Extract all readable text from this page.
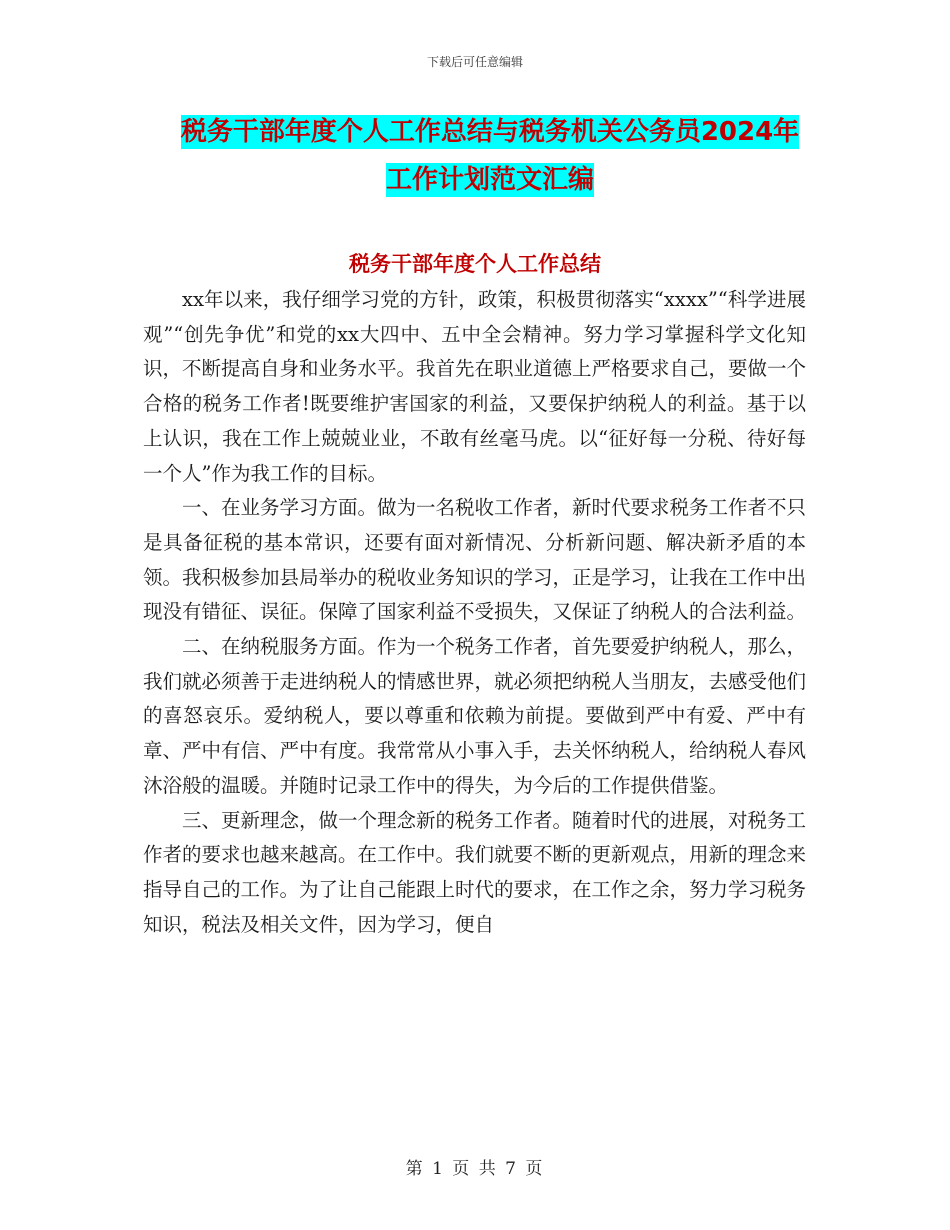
下载后可任意编辑
税务干部年度个人工作总结与税务机关公务员2024年
工作计划范文汇编
税务干部年度个人工作总结

xx年以来，我仔细学习党的方针，政策，积极贯彻落实“xxxx”“科学进展观”“创先争优”和党的xx大四中、五中全会精神。努力学习掌握科学文化知识，不断提高自身和业务水平。我首先在职业道德上严格要求自己，要做一个合格的税务工作者!既要维护害国家的利益，又要保护纳税人的利益。基于以上认识，我在工作上兢兢业业，不敢有丝毫马虎。以“征好每一分税、待好每一个人”作为我工作的目标。

一、在业务学习方面。做为一名税收工作者，新时代要求税务工作者不只是具备征税的基本常识，还要有面对新情况、分析新问题、解决新矛盾的本领。我积极参加县局举办的税收业务知识的学习，正是学习，让我在工作中出现没有错征、误征。保障了国家利益不受损失，又保证了纳税人的合法利益。

二、在纳税服务方面。作为一个税务工作者，首先要爱护纳税人，那么，我们就必须善于走进纳税人的情感世界，就必须把纳税人当朋友，去感受他们的喜怒哀乐。爱纳税人，要以尊重和依赖为前提。要做到严中有爱、严中有章、严中有信、严中有度。我常常从小事入手，去关怀纳税人，给纳税人春风沐浴般的温暖。并随时记录工作中的得失，为今后的工作提供借鉴。

三、更新理念，做一个理念新的税务工作者。随着时代的进展，对税务工作者的要求也越来越高。在工作中。我们就要不断的更新观点，用新的理念来指导自己的工作。为了让自己能跟上时代的要求，在工作之余，努力学习税务知识，税法及相关文件，因为学习，便自

第 1 页 共 7 页
